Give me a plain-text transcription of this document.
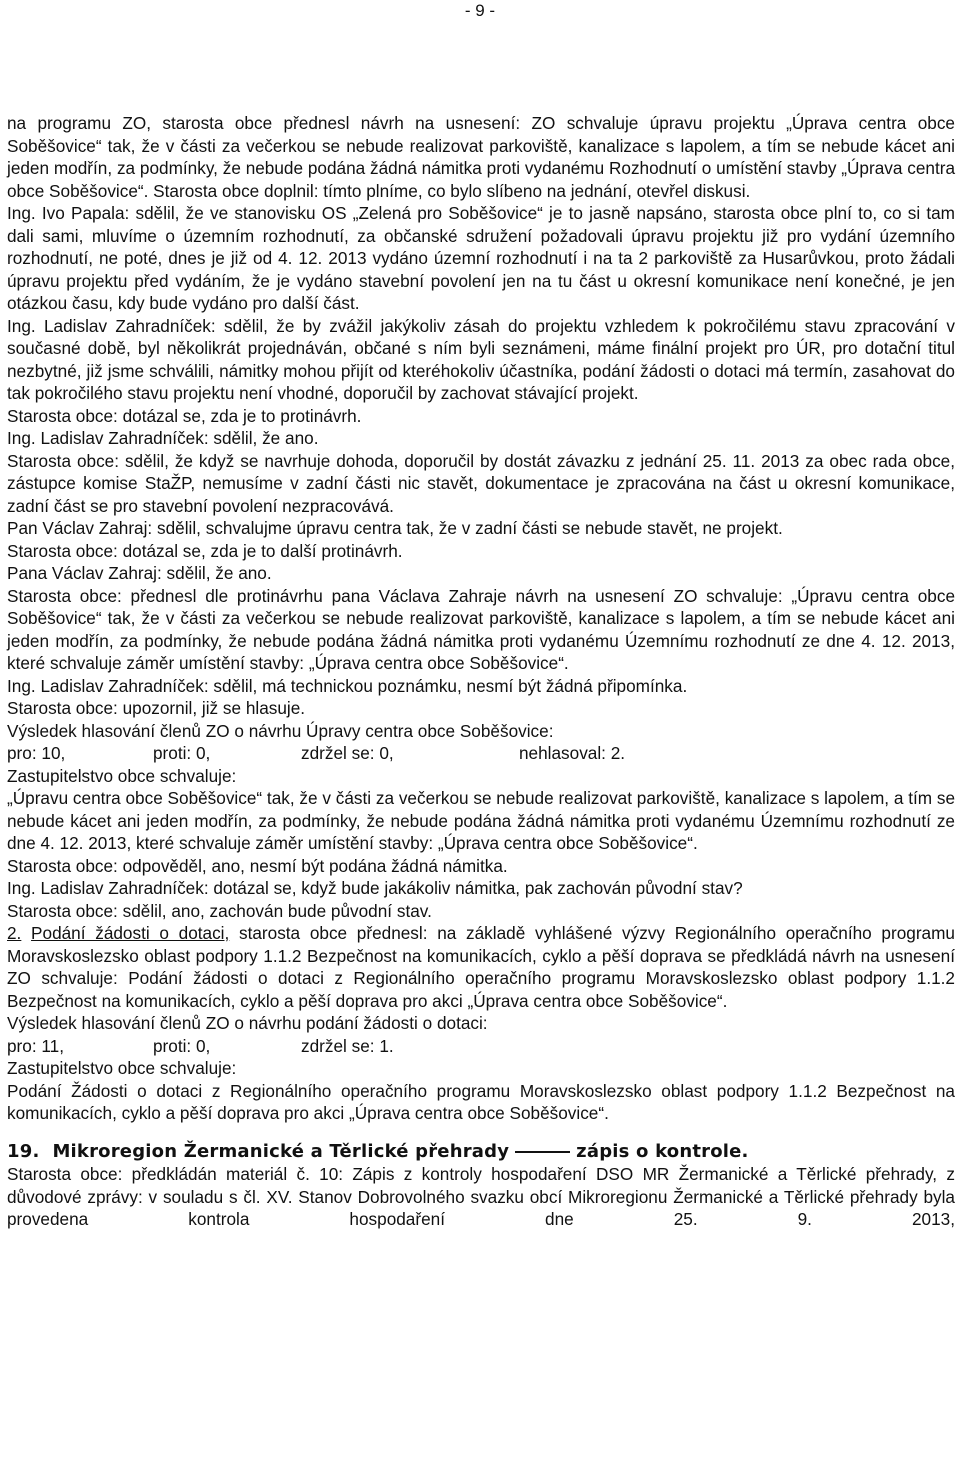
- 9 -

na programu ZO, starosta obce přednesl návrh na usnesení: ZO schvaluje úpravu projektu „Úprava centra obce Soběšovice“ tak, že v části za večerkou se nebude realizovat parkoviště, kanalizace s lapolem, a tím se nebude kácet ani jeden modřín, za podmínky, že nebude podána žádná námitka proti vydanému Rozhodnutí o umístění stavby „Úprava centra obce Soběšovice“. Starosta obce doplnil: tímto plníme, co bylo slíbeno na jednání, otevřel diskusi.

Ing. Ivo Papala: sdělil, že ve stanovisku OS „Zelená pro Soběšovice“ je to jasně napsáno, starosta obce plní to, co si tam dali sami, mluvíme o územním rozhodnutí, za občanské sdružení požadovali úpravu projektu již pro vydání územního rozhodnutí, ne poté, dnes je již od 4. 12. 2013 vydáno územní rozhodnutí i na ta 2 parkoviště za Husarůvkou, proto žádali úpravu projektu před vydáním, že je vydáno stavební povolení jen na tu část u okresní komunikace není konečné, je jen otázkou času, kdy bude vydáno pro další část.

Ing. Ladislav Zahradníček: sdělil, že by zvážil jakýkoliv zásah do projektu vzhledem k pokročilému stavu zpracování v současné době, byl několikrát projednáván, občané s ním byli seznámeni, máme finální projekt pro ÚR, pro dotační titul nezbytné, již jsme schválili, námitky mohou přijít od kteréhokoliv účastníka, podání žádosti o dotaci má termín, zasahovat do tak pokročilého stavu projektu není vhodné, doporučil by zachovat stávající projekt.

Starosta obce: dotázal se, zda je to protinávrh.

Ing. Ladislav Zahradníček: sdělil, že ano.

Starosta obce: sdělil, že když se navrhuje dohoda, doporučil by dostát závazku z jednání 25. 11. 2013 za obec rada obce, zástupce komise StaŽP, nemusíme v zadní části nic stavět, dokumentace je zpracována na část u okresní komunikace, zadní část se pro stavební povolení nezpracovává.

Pan Václav Zahraj: sdělil, schvalujme úpravu centra tak, že v zadní části se nebude stavět, ne projekt.

Starosta obce: dotázal se, zda je to další protinávrh.

Pana Václav Zahraj: sdělil, že ano.

Starosta obce: přednesl dle protinávrhu pana Václava Zahraje návrh na usnesení ZO schvaluje: „Úpravu centra obce Soběšovice“ tak, že v části za večerkou se nebude realizovat parkoviště, kanalizace s lapolem, a tím se nebude kácet ani jeden modřín, za podmínky, že nebude podána žádná námitka proti vydanému Územnímu rozhodnutí ze dne 4. 12. 2013, které schvaluje záměr umístění stavby: „Úprava centra obce Soběšovice“.

Ing. Ladislav Zahradníček: sdělil, má technickou poznámku, nesmí být žádná připomínka.

Starosta obce: upozornil, již se hlasuje.

Výsledek hlasování členů ZO o návrhu Úpravy centra obce Soběšovice:

pro: 10,	proti: 0,	zdržel se: 0,	nehlasoval: 2.

Zastupitelstvo obce schvaluje:

„Úpravu centra obce Soběšovice“ tak, že v části za večerkou se nebude realizovat parkoviště, kanalizace s lapolem, a tím se nebude kácet ani jeden modřín, za podmínky, že nebude podána žádná námitka proti vydanému Územnímu rozhodnutí ze dne 4. 12. 2013, které schvaluje záměr umístění stavby: „Úprava centra obce Soběšovice“.

Starosta obce: odpověděl, ano, nesmí být podána žádná námitka.

Ing. Ladislav Zahradníček: dotázal se, když bude jakákoliv námitka, pak zachován původní stav?

Starosta obce: sdělil, ano, zachován bude původní stav.

2. Podání žádosti o dotaci, starosta obce přednesl: na základě vyhlášené výzvy Regionálního operačního programu Moravskoslezsko oblast podpory 1.1.2 Bezpečnost na komunikacích, cyklo a pěší doprava se předkládá návrh na usnesení ZO schvaluje: Podání žádosti o dotaci z Regionálního operačního programu Moravskoslezsko oblast podpory 1.1.2 Bezpečnost na komunikacích, cyklo a pěší doprava pro akci „Úprava centra obce Soběšovice“.

Výsledek hlasování členů ZO o návrhu podání žádosti o dotaci:

pro: 11,	proti: 0,	zdržel se: 1.

Zastupitelstvo obce schvaluje:

Podání Žádosti o dotaci z Regionálního operačního programu Moravskoslezsko oblast podpory 1.1.2 Bezpečnost na komunikacích, cyklo a pěší doprava pro akci „Úprava centra obce Soběšovice“.

19. Mikroregion Žermanické a Těrlické přehrady	zápis o kontrole.

Starosta obce: předkládán materiál č. 10: Zápis z kontroly hospodaření DSO MR Žermanické a Těrlické přehrady, z důvodové zprávy: v souladu s čl. XV. Stanov Dobrovolného svazku obcí Mikroregionu Žermanické a Těrlické přehrady byla provedena kontrola hospodaření dne 25. 9. 2013,
